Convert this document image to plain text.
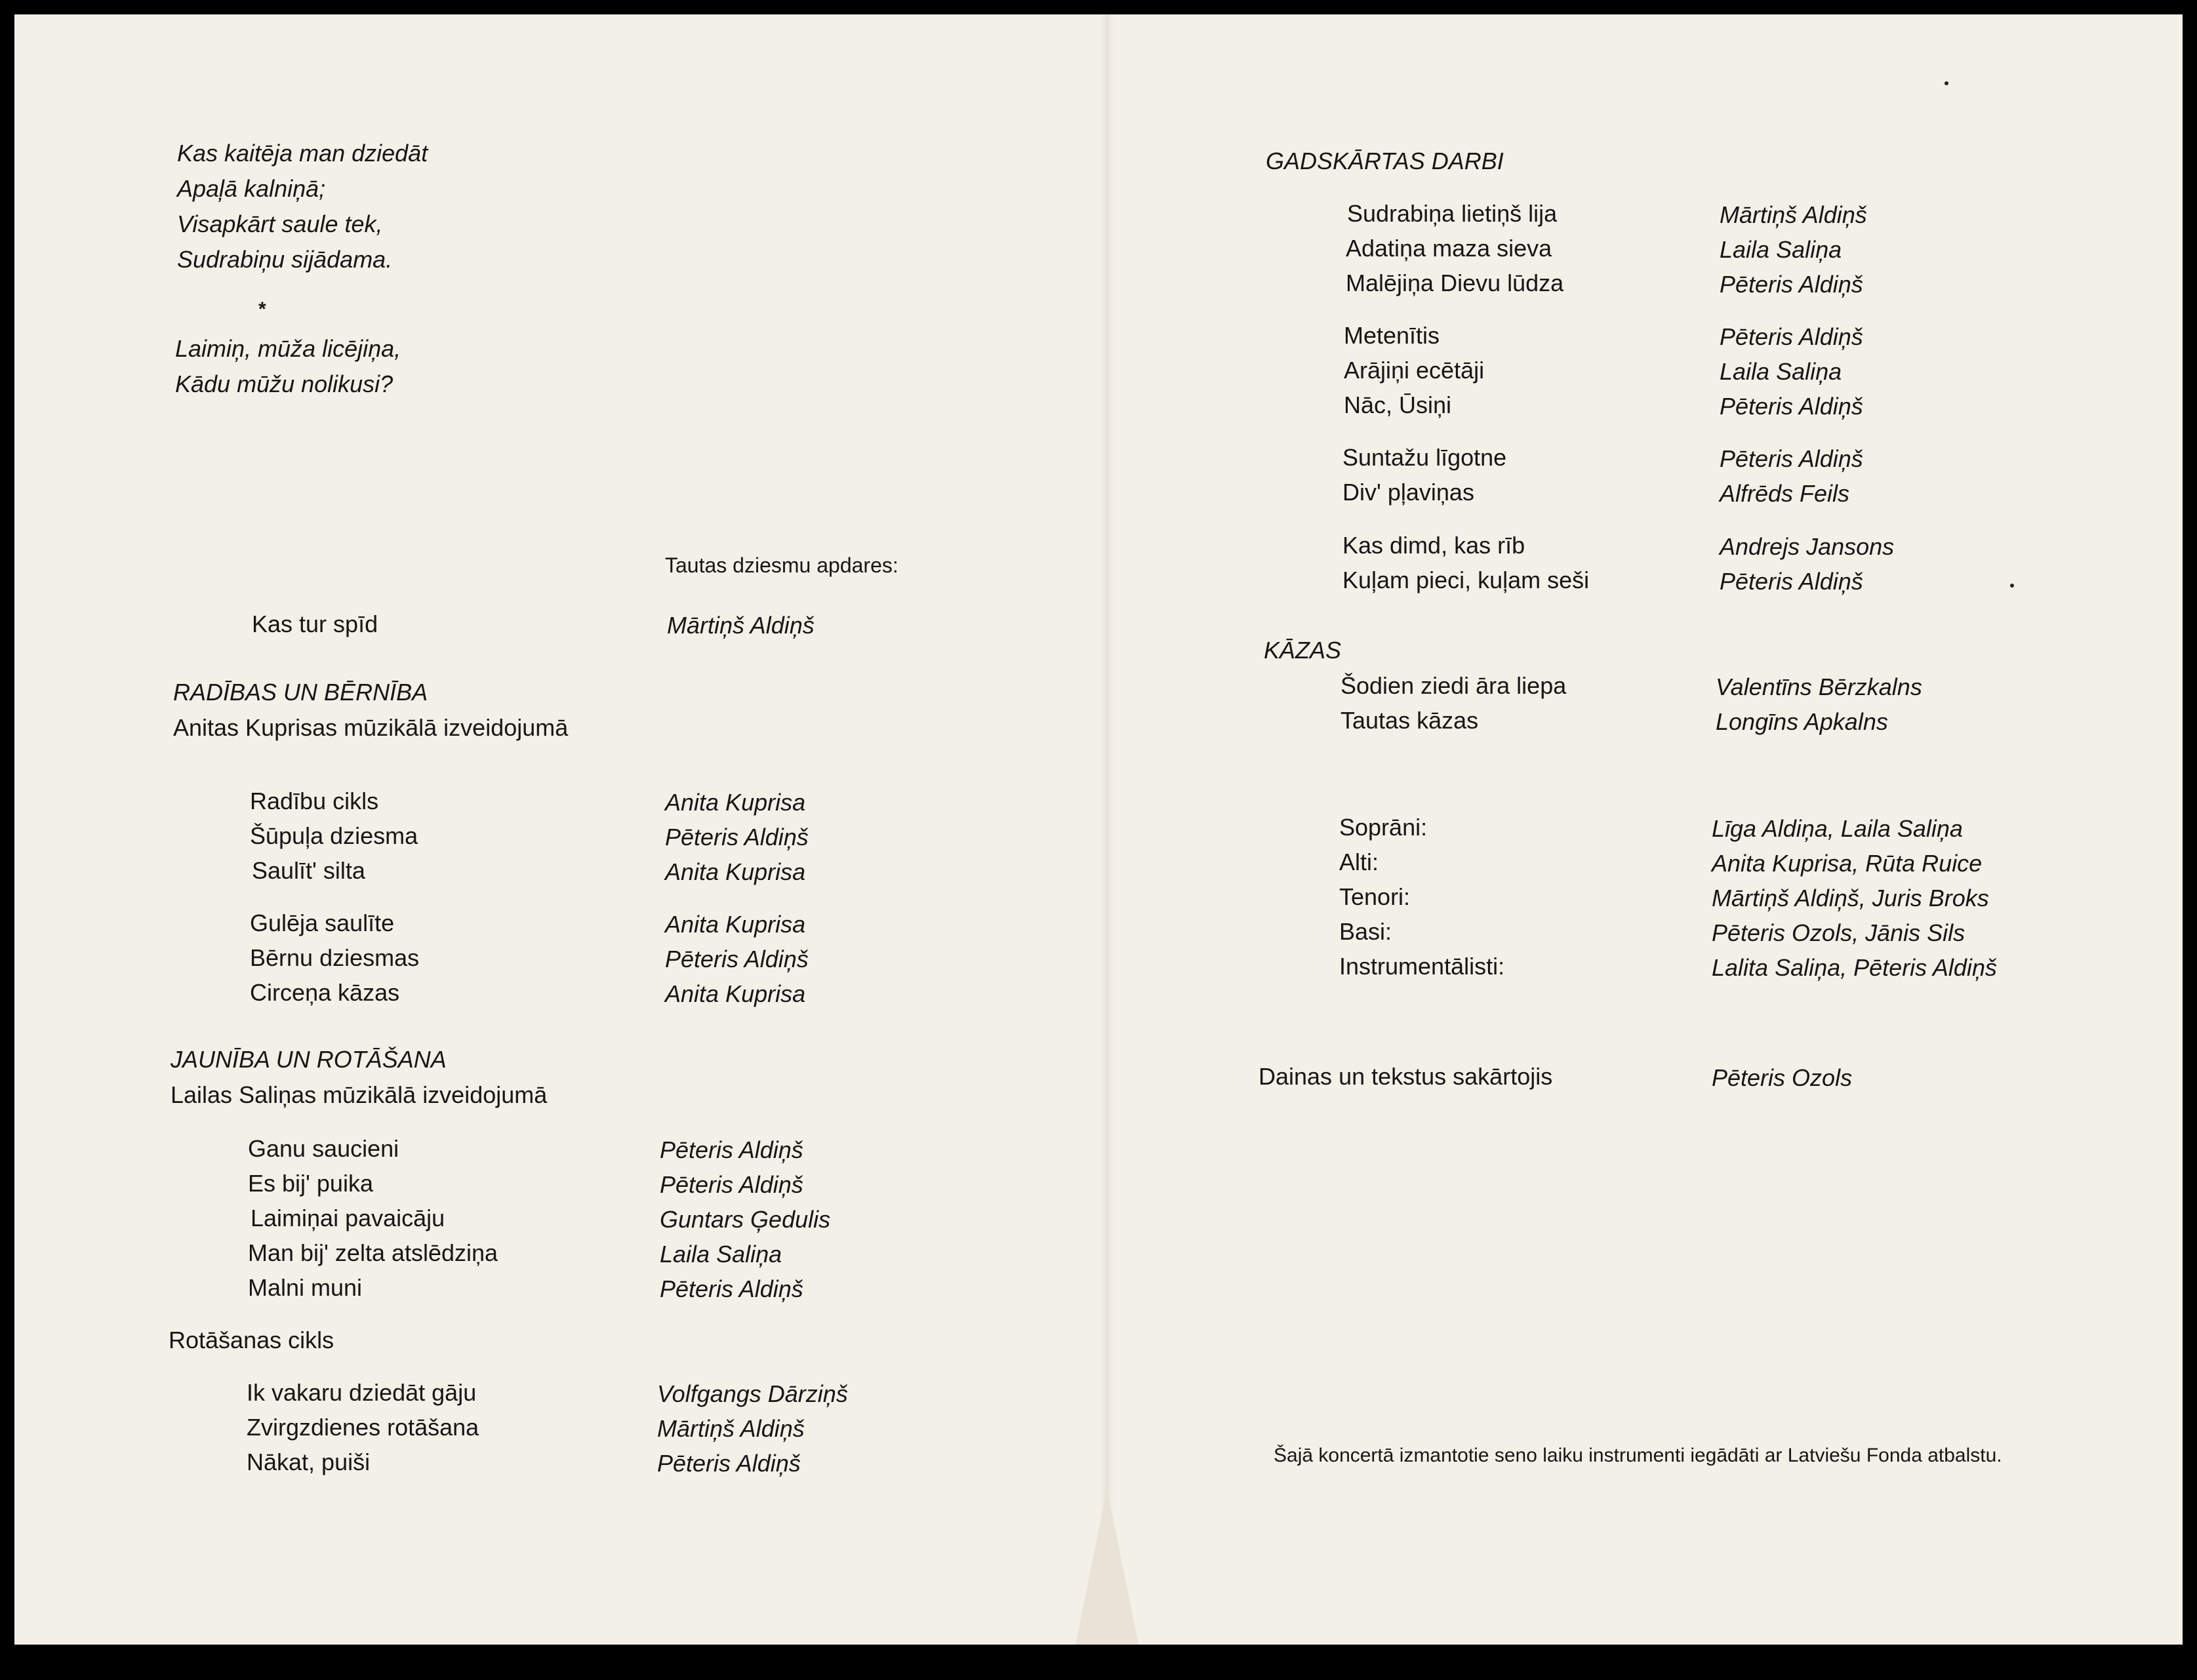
Kas kaitēja man dziedāt
Apaļā kalniņā;
Visapkārt saule tek,
Sudrabiņu sijādama.
*
Laimiņ, mūža licējiņa,
Kādu mūžu nolikusi?
Tautas dziesmu apdares:
Kas tur spīd	Mārtiņš Aldiņš
RADĪBAS UN BĒRNĪBA
Anitas Kuprisas mūzikālā izveidojumā
Radību cikls	Anita Kuprisa
Šūpuļa dziesma	Pēteris Aldiņš
Saulīt' silta	Anita Kuprisa
Gulēja saulīte	Anita Kuprisa
Bērnu dziesmas	Pēteris Aldiņš
Circeņa kāzas	Anita Kuprisa
JAUNĪBA UN ROTĀŠANA
Lailas Saliņas mūzikālā izveidojumā
Ganu saucieni	Pēteris Aldiņš
Es bij' puika	Pēteris Aldiņš
Laimiņai pavaicāju	Guntars Ģedulis
Man bij' zelta atslēdziņa	Laila Saliņa
Malni muni	Pēteris Aldiņš
Rotāšanas cikls
Ik vakaru dziedāt gāju	Volfgangs Dārziņš
Zvirgzdienes rotāšana	Mārtiņš Aldiņš
Nākat, puiši	Pēteris Aldiņš
GADSKĀRTAS DARBI
Sudrabiņa lietiņš lija	Mārtiņš Aldiņš
Adatiņa maza sieva	Laila Saliņa
Malējiņa Dievu lūdza	Pēteris Aldiņš
Metenītis	Pēteris Aldiņš
Arājiņi ecētāji	Laila Saliņa
Nāc, Ūsiņi	Pēteris Aldiņš
Suntažu līgotne	Pēteris Aldiņš
Div' pļaviņas	Alfrēds Feils
Kas dimd, kas rīb	Andrejs Jansons
Kuļam pieci, kuļam seši	Pēteris Aldiņš
KĀZAS
Šodien ziedi āra liepa	Valentīns Bērzkalns
Tautas kāzas	Longīns Apkalns
Soprāni:	Līga Aldiņa, Laila Saliņa
Alti:	Anita Kuprisa, Rūta Ruice
Tenori:	Mārtiņš Aldiņš, Juris Broks
Basi:	Pēteris Ozols, Jānis Sils
Instrumentālisti:	Lalita Saliņa, Pēteris Aldiņš
Dainas un tekstus sakārtojis	Pēteris Ozols
Šajā koncertā izmantotie seno laiku instrumenti iegādāti ar Latviešu Fonda atbalstu.
